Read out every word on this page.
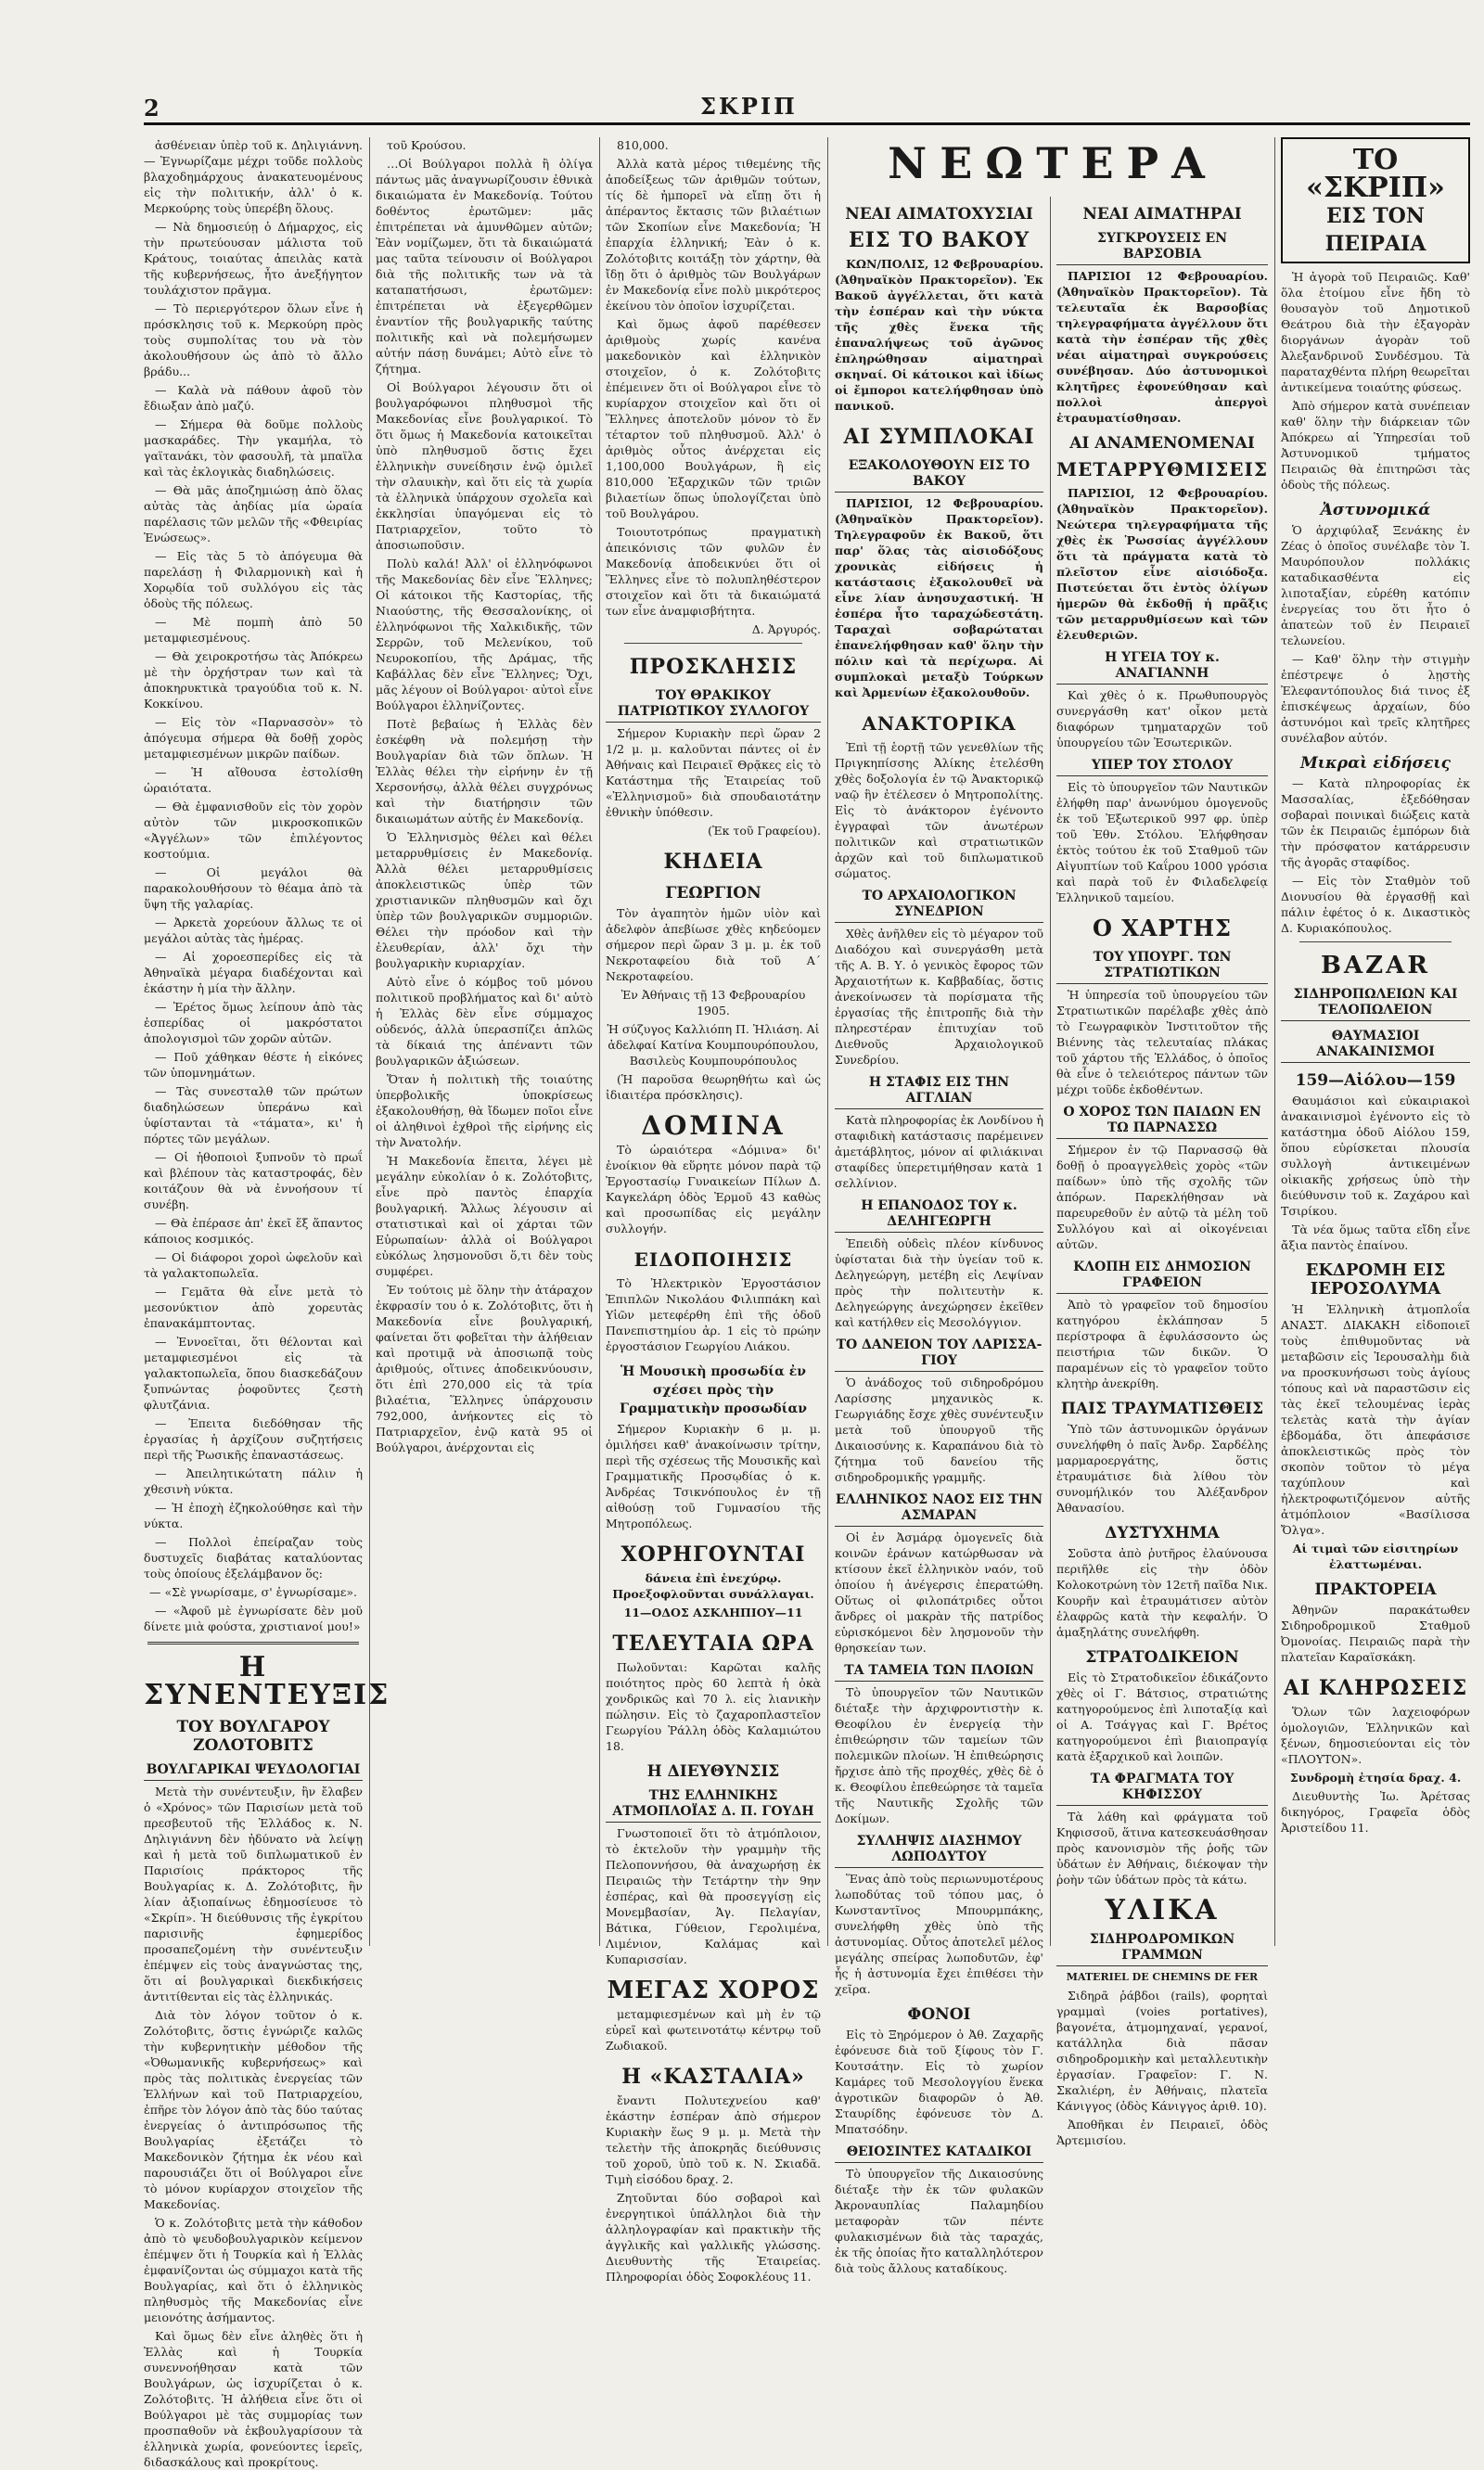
2	ΣΚΡΙΠ

ἀσθένειαν ὑπὲρ τοῦ κ. Δηλιγιάννη. — Ἐγνωρίζαμε μέχρι τοῦδε πολλοὺς βλαχοδημάρχους ἀνακατευομένους εἰς τὴν πολιτικήν, ἀλλ' ὁ κ. Μερκούρης τοὺς ὑπερέβη ὅλους.

— Νὰ δημοσιεύῃ ὁ Δήμαρχος, εἰς τὴν πρωτεύουσαν μάλιστα τοῦ Κράτους, τοιαύτας ἀπειλὰς κατὰ τῆς κυβερνήσεως, ἦτο ἀνεξήγητον τουλάχιστον πρᾶγμα.

— Τὸ περιεργότερον ὅλων εἶνε ἡ πρόσκλησις τοῦ κ. Μερκούρη πρὸς τοὺς συμπολίτας του νὰ τὸν ἀκολουθήσουν ὡς ἀπὸ τὸ ἄλλο βράδυ...

— Καλὰ νὰ πάθουν ἀφοῦ τὸν ἔδιωξαν ἀπὸ μαζύ.

— Σήμερα θὰ δοῦμε πολλοὺς μασκαράδες. Τὴν γκαμήλα, τὸ γαϊτανάκι, τὸν φασουλῆ, τὰ μπαϊλα καὶ τὰς ἐκλογικὰς διαδηλώσεις.

— Θὰ μᾶς ἀποζημιώσῃ ἀπὸ ὅλας αὐτὰς τὰς ἀηδίας μία ὡραία παρέλασις τῶν μελῶν τῆς «Φθειρίας Ἑνώσεως».

— Εἰς τὰς 5 τὸ ἀπόγευμα θὰ παρελάσῃ ἡ Φιλαρμονικὴ καὶ ἡ Χορῳδία τοῦ συλλόγου εἰς τὰς ὁδοὺς τῆς πόλεως.

— Μὲ πομπὴ ἀπὸ 50 μεταμφιεσμένους.

— Θὰ χειροκροτήσω τὰς Ἀπόκρεω μὲ τὴν ὀρχήστραν των καὶ τὰ ἀποκηρυκτικὰ τραγούδια τοῦ κ. Ν. Κοκκίνου.

— Εἰς τὸν «Παρνασσὸν» τὸ ἀπόγευμα σήμερα θὰ δοθῇ χορὸς μεταμφιεσμένων μικρῶν παίδων.

— Ἡ αἴθουσα ἐστολίσθη ὡραιότατα.

— Θὰ ἐμφανισθοῦν εἰς τὸν χορὸν αὐτὸν τῶν μικροσκοπικῶν «Ἀγγέλων» τῶν ἐπιλέγοντος κοστούμια.

— Οἱ μεγάλοι θὰ παρακολουθήσουν τὸ θέαμα ἀπὸ τὰ ὕψη τῆς γαλαρίας.

— Ἀρκετὰ χορεύουν ἄλλως τε οἱ μεγάλοι αὐτὰς τὰς ἡμέρας.

— Αἱ χοροεσπερίδες εἰς τὰ Ἀθηναϊκὰ μέγαρα διαδέχονται καὶ ἑκάστην ἡ μία τὴν ἄλλην.

— Ἐρέτος ὅμως λείπουν ἀπὸ τὰς ἐσπερίδας οἱ μακρόστατοι ἀπολογισμοὶ τῶν χορῶν αὐτῶν.

— Ποῦ χάθηκαν θέστε ἡ εἰκόνες τῶν ὑπομνημάτων.

— Τὰς συνεσταλθ τῶν πρώτων διαδηλώσεων ὑπεράνω καὶ ὑφίστανται τὰ «τάματα», κι' ἡ πόρτες τῶν μεγάλων.

— Οἱ ἡθοποιοὶ ξυπνοῦν τὸ πρωΐ καὶ βλέπουν τὰς καταστροφάς, δὲν κοιτάζουν θὰ νὰ ἐννοήσουν τί συνέβη.

— Θὰ ἐπέρασε ἀπ' ἐκεῖ ἕξ ἅπαντος κάποιος κοσμικός.

— Οἱ διάφοροι χοροὶ ὠφελοῦν καὶ τὰ γαλακτοπωλεῖα.

— Γεμᾶτα θὰ εἶνε μετὰ τὸ μεσονύκτιον ἀπὸ χορευτὰς ἐπανακάμπτοντας.

— Ἐννοεῖται, ὅτι θέλονται καὶ μεταμφιεσμένοι εἰς τὰ γαλακτοπωλεῖα, ὅπου διασκεδάζουν ξυπνώντας ῥοφοῦντες ζεστὴ φλυτζάνια.

— Ἐπειτα διεδόθησαν τῆς ἐργασίας ἡ ἀρχίζουν συζητήσεις περὶ τῆς Ῥωσικῆς ἐπαναστάσεως.

— Ἀπειλητικώτατη πάλιν ἡ χθεσινὴ νύκτα.

— Ἡ ἐποχὴ ἐζηκολούθησε καὶ τὴν νύκτα.

— Πολλοὶ ἐπείραζαν τοὺς δυστυχεῖς διαβάτας καταλύοντας τοὺς ὁποίους ἐξελάμβανον ὅς:

— «Σὲ γνωρίσαμε, σ' ἐγνωρίσαμε».

— «Ἀφοῦ μὲ ἐγνωρίσατε δὲν μοῦ δίνετε μιὰ φούστα, χριστιανοί μου!»

Η ΣΥΝΕΝΤΕΥΞΙΣ
ΤΟΥ ΒΟΥΛΓΑΡΟΥ ΖΟΛΟΤΟΒΙΤΣ
ΒΟΥΛΓΑΡΙΚΑΙ ΨΕΥΔΟΛΟΓΙΑΙ

Μετὰ τὴν συνέντευξιν, ἣν ἔλαβεν ὁ «Χρόνος» τῶν Παρισίων μετὰ τοῦ πρεσβευτοῦ τῆς Ἑλλάδος κ. Ν. Δηλιγιάννη δὲν ἠδύνατο νὰ λείψῃ καὶ ἡ μετὰ τοῦ διπλωματικοῦ ἐν Παρισίοις πράκτορος τῆς Βουλγαρίας κ. Δ. Ζολότοβιτς, ἣν λίαν ἀξιοπαίνως ἐδημοσίευσε τὸ «Σκρίπ». Ἡ διεύθυνσις τῆς ἐγκρίτου παρισινῆς ἐφημερίδος προσαπεζομένη τὴν συνέντευξιν ἐπέμψεν εἰς τοὺς ἀναγνώστας της, ὅτι αἱ βουλγαρικαὶ διεκδικήσεις ἀντιτίθενται εἰς τὰς ἑλληνικάς.

Διὰ τὸν λόγον τοῦτον ὁ κ. Ζολότοβιτς, ὅστις ἐγνώριζε καλῶς τὴν κυβερνητικὴν μέθοδον τῆς «Ὀθωμανικῆς κυβερνήσεως» καὶ πρὸς τὰς πολιτικὰς ἐνεργείας τῶν Ἑλλήνων καὶ τοῦ Πατριαρχείου, ἐπῆρε τὸν λόγον ἀπὸ τὰς δύο ταύτας ἐνεργείας ὁ ἀντιπρόσωπος τῆς Βουλγαρίας ἐξετάζει τὸ Μακεδονικὸν ζήτημα ἐκ νέου καὶ παρουσιάζει ὅτι οἱ Βούλγαροι εἶνε τὸ μόνον κυρίαρχον στοιχεῖον τῆς Μακεδονίας.

Ὁ κ. Ζολότοβιτς μετὰ τὴν κάθοδον ἀπὸ τὸ ψευδοβουλγαρικὸν κείμενον ἐπέμψεν ὅτι ἡ Τουρκία καὶ ἡ Ἑλλὰς ἐμφανίζονται ὡς σύμμαχοι κατὰ τῆς Βουλγαρίας, καὶ ὅτι ὁ ἑλληνικὸς πληθυσμὸς τῆς Μακεδονίας εἶνε μειονότης ἀσήμαντος.

Καὶ ὅμως δὲν εἶνε ἀληθὲς ὅτι ἡ Ἑλλὰς καὶ ἡ Τουρκία συνεννοήθησαν κατὰ τῶν Βουλγάρων, ὡς ἰσχυρίζεται ὁ κ. Ζολότοβιτς. Ἡ ἀλήθεια εἶνε ὅτι οἱ Βούλγαροι μὲ τὰς συμμορίας των προσπαθοῦν νὰ ἐκβουλγαρίσουν τὰ ἑλληνικὰ χωρία, φονεύοντες ἱερεῖς, διδασκάλους καὶ προκρίτους.

τοῦ Κρούσου.

…Οἱ Βούλγαροι πολλὰ ἢ ὀλίγα πάντως μᾶς ἀναγνωρίζουσιν ἐθνικὰ δικαιώματα ἐν Μακεδονίᾳ. Τούτου δοθέντος ἐρωτῶμεν: μᾶς ἐπιτρέπεται νὰ ἀμυνθῶμεν αὐτῶν; Ἐὰν νομίζωμεν, ὅτι τὰ δικαιώματά μας ταῦτα τείνουσιν οἱ Βούλγαροι διὰ τῆς πολιτικῆς των νὰ τὰ καταπατήσωσι, ἐρωτῶμεν: ἐπιτρέπεται νὰ ἐξεγερθῶμεν ἐναντίον τῆς βουλγαρικῆς ταύτης πολιτικῆς καὶ νὰ πολεμήσωμεν αὐτήν πάσῃ δυνάμει; Αὐτὸ εἶνε τὸ ζήτημα.

Οἱ Βούλγαροι λέγουσιν ὅτι οἱ βουλγαρόφωνοι πληθυσμοὶ τῆς Μακεδονίας εἶνε βουλγαρικοί. Τὸ ὅτι ὅμως ἡ Μακεδονία κατοικεῖται ὑπὸ πληθυσμοῦ ὅστις ἔχει ἑλληνικὴν συνείδησιν ἐνῷ ὁμιλεῖ τὴν σλαυικὴν, καὶ ὅτι εἰς τὰ χωρία τὰ ἑλληνικὰ ὑπάρχουν σχολεῖα καὶ ἐκκλησίαι ὑπαγόμεναι εἰς τὸ Πατριαρχεῖον, τοῦτο τὸ ἀποσιωποῦσιν.

Πολὺ καλά! Ἀλλ' οἱ ἑλληνόφωνοι τῆς Μακεδονίας δὲν εἶνε Ἕλληνες; Οἱ κάτοικοι τῆς Καστορίας, τῆς Νιαούστης, τῆς Θεσσαλονίκης, οἱ ἑλληνόφωνοι τῆς Χαλκιδικῆς, τῶν Σερρῶν, τοῦ Μελενίκου, τοῦ Νευροκοπίου, τῆς Δράμας, τῆς Καβάλλας δὲν εἶνε Ἕλληνες; Ὄχι, μᾶς λέγουν οἱ Βούλγαροι· αὐτοὶ εἶνε Βούλγαροι ἑλληνίζοντες.

Ποτὲ βεβαίως ἡ Ἑλλὰς δὲν ἐσκέφθη νὰ πολεμήσῃ τὴν Βουλγαρίαν διὰ τῶν ὅπλων. Ἡ Ἑλλὰς θέλει τὴν εἰρήνην ἐν τῇ Χερσονήσῳ, ἀλλὰ θέλει συγχρόνως καὶ τὴν διατήρησιν τῶν δικαιωμάτων αὐτῆς ἐν Μακεδονίᾳ.

Ὁ Ἑλληνισμὸς θέλει καὶ θέλει μεταρρυθμίσεις ἐν Μακεδονίᾳ. Ἀλλὰ θέλει μεταρρυθμίσεις ἀποκλειστικῶς ὑπὲρ τῶν χριστιανικῶν πληθυσμῶν καὶ ὄχι ὑπὲρ τῶν βουλγαρικῶν συμμοριῶν. Θέλει τὴν πρόοδον καὶ τὴν ἐλευθερίαν, ἀλλ' ὄχι τὴν βουλγαρικὴν κυριαρχίαν.

Αὐτὸ εἶνε ὁ κόμβος τοῦ μόνου πολιτικοῦ προβλήματος καὶ δι' αὐτὸ ἡ Ἑλλὰς δὲν εἶνε σύμμαχος οὐδενός, ἀλλὰ ὑπερασπίζει ἁπλῶς τὰ δίκαιά της ἀπέναντι τῶν βουλγαρικῶν ἀξιώσεων.

Ὅταν ἡ πολιτικὴ τῆς τοιαύτης ὑπερβολικῆς ὑποκρίσεως ἐξακολουθήσῃ, θὰ ἴδωμεν ποῖοι εἶνε οἱ ἀληθινοὶ ἐχθροὶ τῆς εἰρήνης εἰς τὴν Ἀνατολήν.

Ἡ Μακεδονία ἔπειτα, λέγει μὲ μεγάλην εὐκολίαν ὁ κ. Ζολότοβιτς, εἶνε πρὸ παντὸς ἐπαρχία βουλγαρική. Ἄλλως λέγουσιν αἱ στατιστικαὶ καὶ οἱ χάρται τῶν Εὐρωπαίων· ἀλλὰ οἱ Βούλγαροι εὐκόλως λησμονοῦσι ὅ,τι δὲν τοὺς συμφέρει.

Ἐν τούτοις μὲ ὅλην τὴν ἀτάραχον ἐκφρασίν του ὁ κ. Ζολότοβιτς, ὅτι ἡ Μακεδονία εἶνε βουλγαρική, φαίνεται ὅτι φοβεῖται τὴν ἀλήθειαν καὶ προτιμᾷ νὰ ἀποσιωπᾷ τοὺς ἀριθμούς, οἵτινες ἀποδεικνύουσιν, ὅτι ἐπὶ 270,000 εἰς τὰ τρία βιλαέτια, Ἕλληνες ὑπάρχουσιν 792,000, ἀνήκοντες εἰς τὸ Πατριαρχεῖον, ἐνῷ κατὰ 95 οἱ Βούλγαροι, ἀνέρχονται εἰς

810,000.

Ἀλλὰ κατὰ μέρος τιθεμένης τῆς ἀποδείξεως τῶν ἀριθμῶν τούτων, τίς δὲ ἠμπορεῖ νὰ εἴπῃ ὅτι ἡ ἀπέραντος ἔκτασις τῶν βιλαέτιων τῶν Σκοπίων εἶνε Μακεδονία; Ἡ ἐπαρχία ἑλληνική; Ἐὰν ὁ κ. Ζολότοβιτς κοιτάξῃ τὸν χάρτην, θὰ ἴδῃ ὅτι ὁ ἀριθμὸς τῶν Βουλγάρων ἐν Μακεδονίᾳ εἶνε πολὺ μικρότερος ἐκείνου τὸν ὁποῖον ἰσχυρίζεται.

Καὶ ὅμως ἀφοῦ παρέθεσεν ἀριθμοὺς χωρίς κανένα μακεδονικὸν καὶ ἑλληνικὸν στοιχεῖον, ὁ κ. Ζολότοβιτς ἐπέμεινεν ὅτι οἱ Βούλγαροι εἶνε τὸ κυρίαρχον στοιχεῖον καὶ ὅτι οἱ Ἕλληνες ἀποτελοῦν μόνον τὸ ἕν τέταρτον τοῦ πληθυσμοῦ. Ἀλλ' ὁ ἀριθμὸς οὗτος ἀνέρχεται εἰς 1,100,000 Βουλγάρων, ἢ εἰς 810,000 Ἐξαρχικῶν τῶν τριῶν βιλαετίων ὅπως ὑπολογίζεται ὑπὸ τοῦ Βουλγάρου.

Τοιουτοτρόπως πραγματικὴ ἀπεικόνισις τῶν φυλῶν ἐν Μακεδονίᾳ ἀποδεικνύει ὅτι οἱ Ἕλληνες εἶνε τὸ πολυπληθέστερον στοιχεῖον καὶ ὅτι τὰ δικαιώματά των εἶνε ἀναμφισβήτητα.

Δ. Ἀργυρός.

ΠΡΟΣΚΛΗΣΙΣ
ΤΟΥ ΘΡΑΚΙΚΟΥ ΠΑΤΡΙΩΤΙΚΟΥ ΣΥΛΛΟΓΟΥ

Σήμερον Κυριακὴν περὶ ὥραν 2 1/2 μ. μ. καλοῦνται πάντες οἱ ἐν Ἀθήναις καὶ Πειραιεῖ Θρᾷκες εἰς τὸ Κατάστημα τῆς Ἑταιρείας τοῦ «Ἑλληνισμοῦ» διὰ σπουδαιοτάτην ἐθνικὴν ὑπόθεσιν.

(Ἐκ τοῦ Γραφείου).

ΚΗΔΕΙΑ
ΓΕΩΡΓΙΟΝ

Τὸν ἀγαπητὸν ἡμῶν υἱὸν καὶ ἀδελφὸν ἀπεβίωσε χθὲς κηδεύομεν σήμερον περὶ ὥραν 3 μ. μ. ἐκ τοῦ Νεκροταφείου διὰ τοῦ Α΄ Νεκροταφείου.

Ἐν Ἀθήναις τῇ 13 Φεβρουαρίου 1905.

Ἡ σύζυγος Καλλιόπη Π. Ἠλιάση. Αἱ ἀδελφαί Κατίνα Κουμπουρόπουλου, Βασιλεὺς Κουμπουρόπουλος

(Ἡ παροῦσα θεωρηθήτω καὶ ὡς ἰδιαιτέρα πρόσκλησις).

ΔΟΜΙΝΑ

Τὸ ὡραιότερα «Δόμινα» δι' ἐνοίκιον θὰ εὕρητε μόνον παρὰ τῷ Ἐργοστασίῳ Γυναικείων Πίλων Δ. Καγκελάρη ὁδὸς Ἑρμοῦ 43 καθὼς καὶ προσωπίδας εἰς μεγάλην συλλογήν.

ΕΙΔΟΠΟΙΗΣΙΣ

Τὸ Ἠλεκτρικὸν Ἐργοστάσιον Ἐπιπλῶν Νικολάου Φιλιππάκη καὶ Υἱῶν μετεφέρθη ἐπὶ τῆς ὁδοῦ Πανεπιστημίου ἀρ. 1 εἰς τὸ πρώην ἐργοστάσιον Γεωργίου Λιάκου.

Ἡ Μουσικὴ προσωδία ἐν σχέσει πρὸς τὴν Γραμματικὴν προσωδίαν

Σήμερον Κυριακὴν 6 μ. μ. ὁμιλήσει καθ' ἀνακοίνωσιν τρίτην, περὶ τῆς σχέσεως τῆς Μουσικῆς καὶ Γραμματικῆς Προσῳδίας ὁ κ. Ἀνδρέας Τσικνόπουλος ἐν τῇ αἰθούσῃ τοῦ Γυμνασίου τῆς Μητροπόλεως.

ΧΟΡΗΓΟΥΝΤΑΙ

δάνεια ἐπὶ ἐνεχύρῳ. Προεξοφλοῦνται συνάλλαγαι.

11—ΟΔΟΣ ΑΣΚΛΗΠΙΟΥ—11

ΤΕΛΕΥΤΑΙΑ ΩΡΑ

Πωλοῦνται: Καρῶται καλῆς ποιότητος πρὸς 60 λεπτὰ ἡ ὀκὰ χονδρικῶς καὶ 70 λ. εἰς λιανικὴν πώλησιν. Εἰς τὸ ζαχαροπλαστεῖον Γεωργίου Ῥάλλη ὁδὸς Καλαμιώτου 18.

Η ΔΙΕΥΘΥΝΣΙΣ
ΤΗΣ ΕΛΛΗΝΙΚΗΣ ΑΤΜΟΠΛΟΪΑΣ Δ. Π. ΓΟΥΔΗ

Γνωστοποιεῖ ὅτι τὸ ἀτμόπλοιον, τὸ ἐκτελοῦν τὴν γραμμὴν τῆς Πελοποννήσου, θὰ ἀναχωρήσῃ ἐκ Πειραιῶς τὴν Τετάρτην τὴν 9ην ἑσπέρας, καὶ θὰ προσεγγίσῃ εἰς Μονεμβασίαν, Ἁγ. Πελαγίαν, Βάτικα, Γύθειον, Γερολιμένα, Λιμένιον, Καλάμας καὶ Κυπαρισσίαν.

ΜΕΓΑΣ ΧΟΡΟΣ

μεταμφιεσμένων καὶ μὴ ἐν τῷ εὐρεῖ καὶ φωτεινοτάτῳ κέντρῳ τοῦ Ζωδιακοῦ.

Η «ΚΑΣΤΑΛΙΑ»

ἔναντι Πολυτεχνείου καθ' ἑκάστην ἑσπέραν ἀπὸ σήμερον Κυριακὴν ἕως 9 μ. μ. Μετὰ τὴν τελετὴν τῆς ἀποκρηᾶς διεύθυνσις τοῦ χοροῦ, ὑπὸ τοῦ κ. Ν. Σκιαδᾶ. Τιμὴ εἰσόδου δραχ. 2.

Ζητοῦνται δύο σοβαροὶ καὶ ἐνεργητικοὶ ὑπάλληλοι διὰ τὴν ἀλληλογραφίαν καὶ πρακτικὴν τῆς ἀγγλικῆς καὶ γαλλικῆς γλώσσης. Διευθυντὴς τῆς Ἑταιρείας. Πληροφορίαι ὁδὸς Σοφοκλέους 11.

ΝΕΩΤΕΡΑ
ΝΕΑΙ ΑΙΜΑΤΟΧΥΣΙΑΙ
ΕΙΣ ΤΟ ΒΑΚΟΥ

ΚΩΝ/ΠΟΛΙΣ, 12 Φεβρουαρίου. (Ἀθηναϊκὸν Πρακτορεῖον). Ἐκ Βακοῦ ἀγγέλλεται, ὅτι κατὰ τὴν ἑσπέραν καὶ τὴν νύκτα τῆς χθὲς ἕνεκα τῆς ἐπαναλήψεως τοῦ ἀγῶνος ἐπληρώθησαν αἱματηραὶ σκηναί. Οἱ κάτοικοι καὶ ἰδίως οἱ ἔμποροι κατελήφθησαν ὑπὸ πανικοῦ.

ΑΙ ΣΥΜΠΛΟΚΑΙ
ΕΞΑΚΟΛΟΥΘΟΥΝ ΕΙΣ ΤΟ ΒΑΚΟΥ

ΠΑΡΙΣΙΟΙ, 12 Φεβρουαρίου. (Ἀθηναϊκὸν Πρακτορεῖον). Τηλεγραφοῦν ἐκ Βακοῦ, ὅτι παρ' ὅλας τὰς αἰσιοδόξους χρονικὰς εἰδήσεις ἡ κατάστασις ἐξακολουθεῖ νὰ εἶνε λίαν ἀνησυχαστική. Ἡ ἑσπέρα ἦτο ταραχώδεστάτη. Ταραχαὶ σοβαρώταται ἐπανελήφθησαν καθ' ὅλην τὴν πόλιν καὶ τὰ περίχωρα. Αἱ συμπλοκαὶ μεταξὺ Τούρκων καὶ Ἀρμενίων ἐξακολουθοῦν.

ΑΝΑΚΤΟΡΙΚΑ

Ἐπὶ τῇ ἑορτῇ τῶν γενεθλίων τῆς Πριγκηπίσσης Ἀλίκης ἐτελέσθη χθὲς δοξολογία ἐν τῷ Ἀνακτορικῷ ναῷ ἣν ἐτέλεσεν ὁ Μητροπολίτης. Εἰς τὸ ἀνάκτορον ἐγένοντο ἐγγραφαὶ τῶν ἀνωτέρων πολιτικῶν καὶ στρατιωτικῶν ἀρχῶν καὶ τοῦ διπλωματικοῦ σώματος.

ΤΟ ΑΡΧΑΙΟΛΟΓΙΚΟΝ ΣΥΝΕΔΡΙΟΝ

Χθὲς ἀνῆλθεν εἰς τὸ μέγαρον τοῦ Διαδόχου καὶ συνεργάσθη μετὰ τῆς Α. Β. Υ. ὁ γενικὸς ἔφορος τῶν Ἀρχαιοτήτων κ. Καββαδίας, ὅστις ἀνεκοίνωσεν τὰ πορίσματα τῆς ἐργασίας τῆς ἐπιτροπῆς διὰ τὴν πληρεστέραν ἐπιτυχίαν τοῦ Διεθνοῦς Ἀρχαιολογικοῦ Συνεδρίου.

Η ΣΤΑΦΙΣ ΕΙΣ ΤΗΝ ΑΓΓΛΙΑΝ

Κατὰ πληροφορίας ἐκ Λονδίνου ἡ σταφιδικὴ κατάστασις παρέμεινεν ἀμετάβλητος, μόνον αἱ φιλιάκιναι σταφίδες ὑπερετιμήθησαν κατὰ 1 σελλίνιον.

Η ΕΠΑΝΟΔΟΣ ΤΟΥ κ. ΔΕΛΗΓΕΩΡΓΗ

Ἐπειδὴ οὐδεὶς πλέον κίνδυνος ὑφίσταται διὰ τὴν ὑγείαν τοῦ κ. Δεληγεώργη, μετέβη εἰς Λεψίναν πρὸς τὴν πολιτευτὴν κ. Δεληγεώργης ἀνεχώρησεν ἐκεῖθεν καὶ κατήλθεν εἰς Μεσολόγγιον.

ΤΟ ΔΑΝΕΙΟΝ ΤΟΥ ΛΑΡΙΣΣΑ-ΓΙΟΥ

Ὁ ἀνάδοχος τοῦ σιδηροδρόμου Λαρίσσης μηχανικὸς κ. Γεωργιάδης ἔσχε χθὲς συνέντευξιν μετὰ τοῦ ὑπουργοῦ τῆς Δικαιοσύνης κ. Καραπάνου διὰ τὸ ζήτημα τοῦ δανείου τῆς σιδηροδρομικῆς γραμμῆς.

ΕΛΛΗΝΙΚΟΣ ΝΑΟΣ ΕΙΣ ΤΗΝ ΑΣΜΑΡΑΝ

Οἱ ἐν Ἀσμάρᾳ ὁμογενεῖς διὰ κοινῶν ἐράνων κατώρθωσαν νὰ κτίσουν ἐκεῖ ἑλληνικὸν ναόν, τοῦ ὁποίου ἡ ἀνέγερσις ἐπερατώθη. Οὕτως οἱ φιλοπάτριδες οὗτοι ἄνδρες οἱ μακρὰν τῆς πατρίδος εὑρισκόμενοι δὲν λησμονοῦν τὴν θρησκείαν των.

ΤΑ ΤΑΜΕΙΑ ΤΩΝ ΠΛΟΙΩΝ

Τὸ ὑπουργεῖον τῶν Ναυτικῶν διέταξε τὴν ἀρχιφροντιστὴν κ. Θεοφίλου ἐν ἐνεργείᾳ τὴν ἐπιθεώρησιν τῶν ταμείων τῶν πολεμικῶν πλοίων. Ἡ ἐπιθεώρησις ἤρχισε ἀπὸ τῆς προχθές, χθὲς δὲ ὁ κ. Θεοφίλου ἐπεθεώρησε τὰ ταμεῖα τῆς Ναυτικῆς Σχολῆς τῶν Δοκίμων.

ΣΥΛΛΗΨΙΣ ΔΙΑΣΗΜΟΥ ΛΩΠΟΔΥΤΟΥ

Ἕνας ἀπὸ τοὺς περιωνυμοτέρους λωποδύτας τοῦ τόπου μας, ὁ Κωνσταντῖνος Μπουρμπάκης, συνελήφθη χθὲς ὑπὸ τῆς ἀστυνομίας. Οὗτος ἀποτελεῖ μέλος μεγάλης σπείρας λωποδυτῶν, ἐφ' ἧς ἡ ἀστυνομία ἔχει ἐπιθέσει τὴν χεῖρα.

ΦΟΝΟΙ

Εἰς τὸ Ξηρόμερον ὁ Ἀθ. Ζαχαρῆς ἐφόνευσε διὰ τοῦ ξίφους τὸν Γ. Κουτσάτην. Εἰς τὸ χωρίον Καμάρες τοῦ Μεσολογγίου ἕνεκα ἀγροτικῶν διαφορῶν ὁ Ἀθ. Σταυρίδης ἐφόνευσε τὸν Δ. Μπατσόδην.

ΘΕΙΟΣΙΝΤΕΣ ΚΑΤΑΔΙΚΟΙ

Τὸ ὑπουργεῖον τῆς Δικαιοσύνης διέταξε τὴν ἐκ τῶν φυλακῶν Ἀκροναυπλίας Παλαμηδίου μεταφορὰν τῶν πέντε φυλακισμένων διὰ τὰς ταραχάς, ἐκ τῆς ὁποίας ἤτο καταλληλότερον διὰ τοὺς ἄλλους καταδίκους.

ΝΕΑΙ ΑΙΜΑΤΗΡΑΙ
ΣΥΓΚΡΟΥΣΕΙΣ ΕΝ ΒΑΡΣΟΒΙΑ

ΠΑΡΙΣΙΟΙ 12 Φεβρουαρίου. (Ἀθηναϊκὸν Πρακτορεῖον). Τὰ τελευταῖα ἐκ Βαρσοβίας τηλεγραφήματα ἀγγέλλουν ὅτι κατὰ τὴν ἑσπέραν τῆς χθὲς νέαι αἱματηραὶ συγκρούσεις συνέβησαν. Δύο ἀστυνομικοὶ κλητῆρες ἐφονεύθησαν καὶ πολλοὶ ἀπεργοὶ ἐτραυματίσθησαν.

ΑΙ ΑΝΑΜΕΝΟΜΕΝΑΙ
ΜΕΤΑΡΡΥΘΜΙΣΕΙΣ

ΠΑΡΙΣΙΟΙ, 12 Φεβρουαρίου. (Ἀθηναϊκὸν Πρακτορεῖον). Νεώτερα τηλεγραφήματα τῆς χθὲς ἐκ Ῥωσσίας ἀγγέλλουν ὅτι τὰ πράγματα κατὰ τὸ πλεῖστον εἶνε αἰσιόδοξα. Πιστεύεται ὅτι ἐντὸς ὀλίγων ἡμερῶν θὰ ἐκδοθῇ ἡ πρᾶξις τῶν μεταρρυθμίσεων καὶ τῶν ἐλευθεριῶν.

Η ΥΓΕΙΑ ΤΟΥ κ. ΑΝΑΓΙΑΝΝΗ

Καὶ χθὲς ὁ κ. Πρωθυπουργὸς συνεργάσθη κατ' οἶκον μετὰ διαφόρων τμηματαρχῶν τοῦ ὑπουργείου τῶν Ἐσωτερικῶν.

ΥΠΕΡ ΤΟΥ ΣΤΟΛΟΥ

Εἰς τὸ ὑπουργεῖον τῶν Ναυτικῶν ἐλήφθη παρ' ἀνωνύμου ὁμογενοῦς ἐκ τοῦ Ἐξωτερικοῦ 997 φρ. ὑπὲρ τοῦ Ἐθν. Στόλου. Ἐλήφθησαν ἐκτὸς τούτου ἐκ τοῦ Σταθμοῦ τῶν Αἰγυπτίων τοῦ Καΐρου 1000 γρόσια καὶ παρὰ τοῦ ἐν Φιλαδελφείᾳ Ἑλληνικοῦ ταμείου.

Ο ΧΑΡΤΗΣ
ΤΟΥ ΥΠΟΥΡΓ. ΤΩΝ ΣΤΡΑΤΙΩΤΙΚΩΝ

Ἡ ὑπηρεσία τοῦ ὑπουργείου τῶν Στρατιωτικῶν παρέλαβε χθὲς ἀπὸ τὸ Γεωγραφικὸν Ἰνστιτοῦτον τῆς Βιέννης τὰς τελευταίας πλάκας τοῦ χάρτου τῆς Ἑλλάδος, ὁ ὁποῖος θὰ εἶνε ὁ τελειότερος πάντων τῶν μέχρι τοῦδε ἐκδοθέντων.

Ο ΧΟΡΟΣ ΤΩΝ ΠΑΙΔΩΝ ΕΝ ΤΩ ΠΑΡΝΑΣΣΩ

Σήμερον ἐν τῷ Παρνασσῷ θὰ δοθῇ ὁ προαγγελθεὶς χορὸς «τῶν παίδων» ὑπὸ τῆς σχολῆς τῶν ἀπόρων. Παρεκλήθησαν νὰ παρευρεθοῦν ἐν αὐτῷ τὰ μέλη τοῦ Συλλόγου καὶ αἱ οἰκογένειαι αὐτῶν.

ΚΛΟΠΗ ΕΙΣ ΔΗΜΟΣΙΟΝ ΓΡΑΦΕΙΟΝ

Ἀπὸ τὸ γραφεῖον τοῦ δημοσίου κατηγόρου ἐκλάπησαν 5 περίστροφα ἃ ἐφυλάσσοντο ὡς πειστήρια τῶν δικῶν. Ὁ παραμένων εἰς τὸ γραφεῖον τοῦτο κλητὴρ ἀνεκρίθη.

ΠΑΙΣ ΤΡΑΥΜΑΤΙΣΘΕΙΣ

Ὑπὸ τῶν ἀστυνομικῶν ὀργάνων συνελήφθη ὁ παῖς Ἀνδρ. Σαρδέλης μαρμαροεργάτης, ὅστις ἐτραυμάτισε διὰ λίθου τὸν συνομήλικόν του Ἀλέξανδρον Ἀθανασίου.

ΔΥΣΤΥΧΗΜΑ

Σοῦστα ἀπὸ ῥυτῆρος ἐλαύνουσα περιῆλθε εἰς τὴν ὁδὸν Κολοκοτρώνη τὸν 12ετῆ παῖδα Νικ. Κουρῆν καὶ ἐτραυμάτισεν αὐτὸν ἐλαφρῶς κατὰ τὴν κεφαλήν. Ὁ ἁμαξηλάτης συνελήφθη.

ΣΤΡΑΤΟΔΙΚΕΙΟΝ

Εἰς τὸ Στρατοδικεῖον ἐδικάζοντο χθὲς οἱ Γ. Βάτσιος, στρατιώτης κατηγορούμενος ἐπὶ λιποταξίᾳ καὶ οἱ Α. Τσάγγας καὶ Γ. Βρέτος κατηγορούμενοι ἐπὶ βιαιοπραγίᾳ κατὰ ἐξαρχικοῦ καὶ λοιπῶν.

ΤΑ ΦΡΑΓΜΑΤΑ ΤΟΥ ΚΗΦΙΣΣΟΥ

Τὰ λάθη καὶ φράγματα τοῦ Κηφισσοῦ, ἅτινα κατεσκευάσθησαν πρὸς κανονισμὸν τῆς ῥοῆς τῶν ὑδάτων ἐν Ἀθήναις, διέκοψαν τὴν ῥοὴν τῶν ὑδάτων πρὸς τὰ κάτω.

ΥΛΙΚΑ
ΣΙΔΗΡΟΔΡΟΜΙΚΩΝ ΓΡΑΜΜΩΝ

MATERIEL DE CHEMINS DE FER

Σιδηρᾶ ῥάβδοι (rails), φορηταὶ γραμμαὶ (voies portatives), βαγονέτα, ἀτμομηχαναί, γερανοί, κατάλληλα διὰ πᾶσαν σιδηροδρομικὴν καὶ μεταλλευτικὴν ἐργασίαν. Γραφεῖον: Γ. Ν. Σκαλιέρη, ἐν Ἀθήναις, πλατεῖα Κάνιγγος (ὁδὸς Κάνιγγος ἀριθ. 10).

Ἀποθῆκαι ἐν Πειραιεῖ, ὁδὸς Ἀρτεμισίου.

ΤΟ «ΣΚΡΙΠ»
ΕΙΣ ΤΟΝ ΠΕΙΡΑΙΑ

Ἡ ἀγορὰ τοῦ Πειραιῶς. Καθ' ὅλα ἐτοίμου εἶνε ἤδη τὸ θουσαγὸν τοῦ Δημοτικοῦ Θεάτρου διὰ τὴν ἐξαγορὰν διοργάνων ἀγορὰν τοῦ Ἀλεξανδρινοῦ Συνδέσμου. Τὰ παραταχθέντα πλήρη θεωρεῖται ἀντικείμενα τοιαύτης φύσεως.

Ἀπὸ σήμερον κατὰ συνέπειαν καθ' ὅλην τὴν διάρκειαν τῶν Ἀπόκρεω αἱ Ὑπηρεσίαι τοῦ Ἀστυνομικοῦ τμήματος Πειραιῶς θὰ ἐπιτηρῶσι τὰς ὁδοὺς τῆς πόλεως.

Ἀστυνομικά

Ὁ ἀρχιφύλαξ Ξενάκης ἐν Ζέας ὁ ὁποῖος συνέλαβε τὸν Ἰ. Μαυρόπουλον πολλάκις καταδικασθέντα εἰς λιποταξίαν, εὑρέθη κατόπιν ἐνεργείας του ὅτι ἦτο ὁ ἀπατεὼν τοῦ ἐν Πειραιεῖ τελωνείου.

— Καθ' ὅλην τὴν στιγμὴν ἐπέστρεψε ὁ λῃστὴς Ἐλεφαντόπουλος διά τινος ἐξ ἐπισκέψεως ἀρχαίων, δύο ἀστυνόμοι καὶ τρεῖς κλητῆρες συνέλαβον αὐτόν.

Μικραὶ εἰδήσεις

— Κατὰ πληροφορίας ἐκ Μασσαλίας, ἐξεδόθησαν σοβαραὶ ποινικαὶ διώξεις κατὰ τῶν ἐκ Πειραιῶς ἐμπόρων διὰ τὴν πρόσφατον κατάρρευσιν τῆς ἀγορᾶς σταφίδος.

— Εἰς τὸν Σταθμὸν τοῦ Διονυσίου θὰ ἐργασθῇ καὶ πάλιν ἐφέτος ὁ κ. Δικαστικὸς Δ. Κυριακόπουλος.

BAZAR
ΣΙΔΗΡΟΠΩΛΕΙΩΝ ΚΑΙ ΤΕΛΟΠΩΛΕΙΟΝ
ΘΑΥΜΑΣΙΟΙ ΑΝΑΚΑΙΝΙΣΜΟΙ
159—Αἰόλου—159

Θαυμάσιοι καὶ εὐκαιριακοὶ ἀνακαινισμοὶ ἐγένοντο εἰς τὸ κατάστημα ὁδοῦ Αἰόλου 159, ὅπου εὑρίσκεται πλουσία συλλογὴ ἀντικειμένων οἰκιακῆς χρήσεως ὑπὸ τὴν διεύθυνσιν τοῦ κ. Ζαχάρου καὶ Τσιρίκου.

Τὰ νέα ὅμως ταῦτα εἴδη εἶνε ἄξια παντὸς ἐπαίνου.

ΕΚΔΡΟΜΗ ΕΙΣ ΙΕΡΟΣΟΛΥΜΑ

Ἡ Ἑλληνικὴ ἀτμοπλοΐα ΑΝΑΣΤ. ΔΙΑΚΑΚΗ εἰδοποιεῖ τοὺς ἐπιθυμοῦντας νὰ μεταβῶσιν εἰς Ἱερουσαλὴμ διὰ να προσκυνήσωσι τοὺς ἁγίους τόπους καὶ νὰ παραστῶσιν εἰς τὰς ἐκεῖ τελουμένας ἱερὰς τελετὰς κατὰ τὴν ἁγίαν ἑβδομάδα, ὅτι ἀπεφάσισε ἀποκλειστικῶς πρὸς τὸν σκοπὸν τοῦτον τὸ μέγα ταχύπλουν καὶ ἠλεκτροφωτιζόμενον αὐτῆς ἀτμόπλοιον «Βασίλισσα Ὄλγα».

Αἱ τιμαὶ τῶν εἰσιτηρίων ἐλαττωμέναι.

ΠΡΑΚΤΟΡΕΙΑ

Ἀθηνῶν παρακάτωθεν Σιδηροδρομικοῦ Σταθμοῦ Ὀμονοίας. Πειραιῶς παρὰ τὴν πλατεῖαν Καραϊσκάκη.

ΑΙ ΚΛΗΡΩΣΕΙΣ

Ὅλων τῶν λαχειοφόρων ὁμολογιῶν, Ἑλληνικῶν καὶ ξένων, δημοσιεύονται εἰς τὸν «ΠΛΟΥΤΟΝ».

Συνδρομὴ ἐτησία δραχ. 4.

Διευθυντὴς Ἰω. Ἀρέτσας δικηγόρος, Γραφεῖα ὁδὸς Ἀριστείδου 11.
